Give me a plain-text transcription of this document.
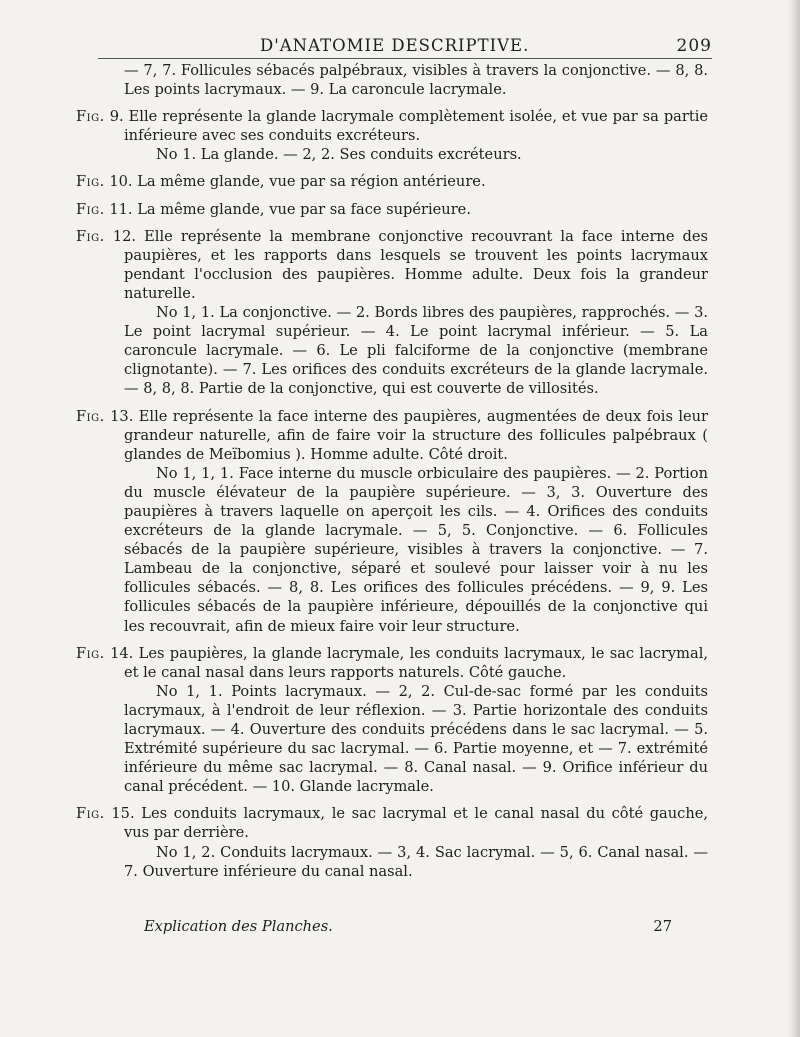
D'ANATOMIE DESCRIPTIVE.	209

— 7, 7. Follicules sébacés palpébraux, visibles à travers la conjonctive. — 8, 8. Les points lacrymaux. — 9. La caroncule lacrymale.

Fig. 9. Elle représente la glande lacrymale complètement isolée, et vue par sa partie inférieure avec ses conduits excréteurs.

No 1. La glande. — 2, 2. Ses conduits excréteurs.

Fig. 10. La même glande, vue par sa région antérieure.

Fig. 11. La même glande, vue par sa face supérieure.

Fig. 12. Elle représente la membrane conjonctive recouvrant la face interne des paupières, et les rapports dans lesquels se trouvent les points lacrymaux pendant l'occlusion des paupières. Homme adulte. Deux fois la grandeur naturelle.

No 1, 1. La conjonctive. — 2. Bords libres des paupières, rapprochés. — 3. Le point lacrymal supérieur. — 4. Le point lacrymal inférieur. — 5. La caroncule lacrymale. — 6. Le pli falciforme de la conjonctive (membrane clignotante). — 7. Les orifices des conduits excréteurs de la glande lacrymale. — 8, 8, 8. Partie de la conjonctive, qui est couverte de villosités.

Fig. 13. Elle représente la face interne des paupières, augmentées de deux fois leur grandeur naturelle, afin de faire voir la structure des follicules palpébraux ( glandes de Meïbomius ). Homme adulte. Côté droit.

No 1, 1, 1. Face interne du muscle orbiculaire des paupières. — 2. Portion du muscle élévateur de la paupière supérieure. — 3, 3. Ouverture des paupières à travers laquelle on aperçoit les cils. — 4. Orifices des conduits excréteurs de la glande lacrymale. — 5, 5. Conjonctive. — 6. Follicules sébacés de la paupière supérieure, visibles à travers la conjonctive. — 7. Lambeau de la conjonctive, séparé et soulevé pour laisser voir à nu les follicules sébacés. — 8, 8. Les orifices des follicules précédens. — 9, 9. Les follicules sébacés de la paupière inférieure, dépouillés de la conjonctive qui les recouvrait, afin de mieux faire voir leur structure.

Fig. 14. Les paupières, la glande lacrymale, les conduits lacrymaux, le sac lacrymal, et le canal nasal dans leurs rapports naturels. Côté gauche.

No 1, 1. Points lacrymaux. — 2, 2. Cul-de-sac formé par les conduits lacrymaux, à l'endroit de leur réflexion. — 3. Partie horizontale des conduits lacrymaux. — 4. Ouverture des conduits précédens dans le sac lacrymal. — 5. Extrémité supérieure du sac lacrymal. — 6. Partie moyenne, et — 7. extrémité inférieure du même sac lacrymal. — 8. Canal nasal. — 9. Orifice inférieur du canal précédent. — 10. Glande lacrymale.

Fig. 15. Les conduits lacrymaux, le sac lacrymal et le canal nasal du côté gauche, vus par derrière.

No 1, 2. Conduits lacrymaux. — 3, 4. Sac lacrymal. — 5, 6. Canal nasal. — 7. Ouverture inférieure du canal nasal.

Explication des Planches.	27
